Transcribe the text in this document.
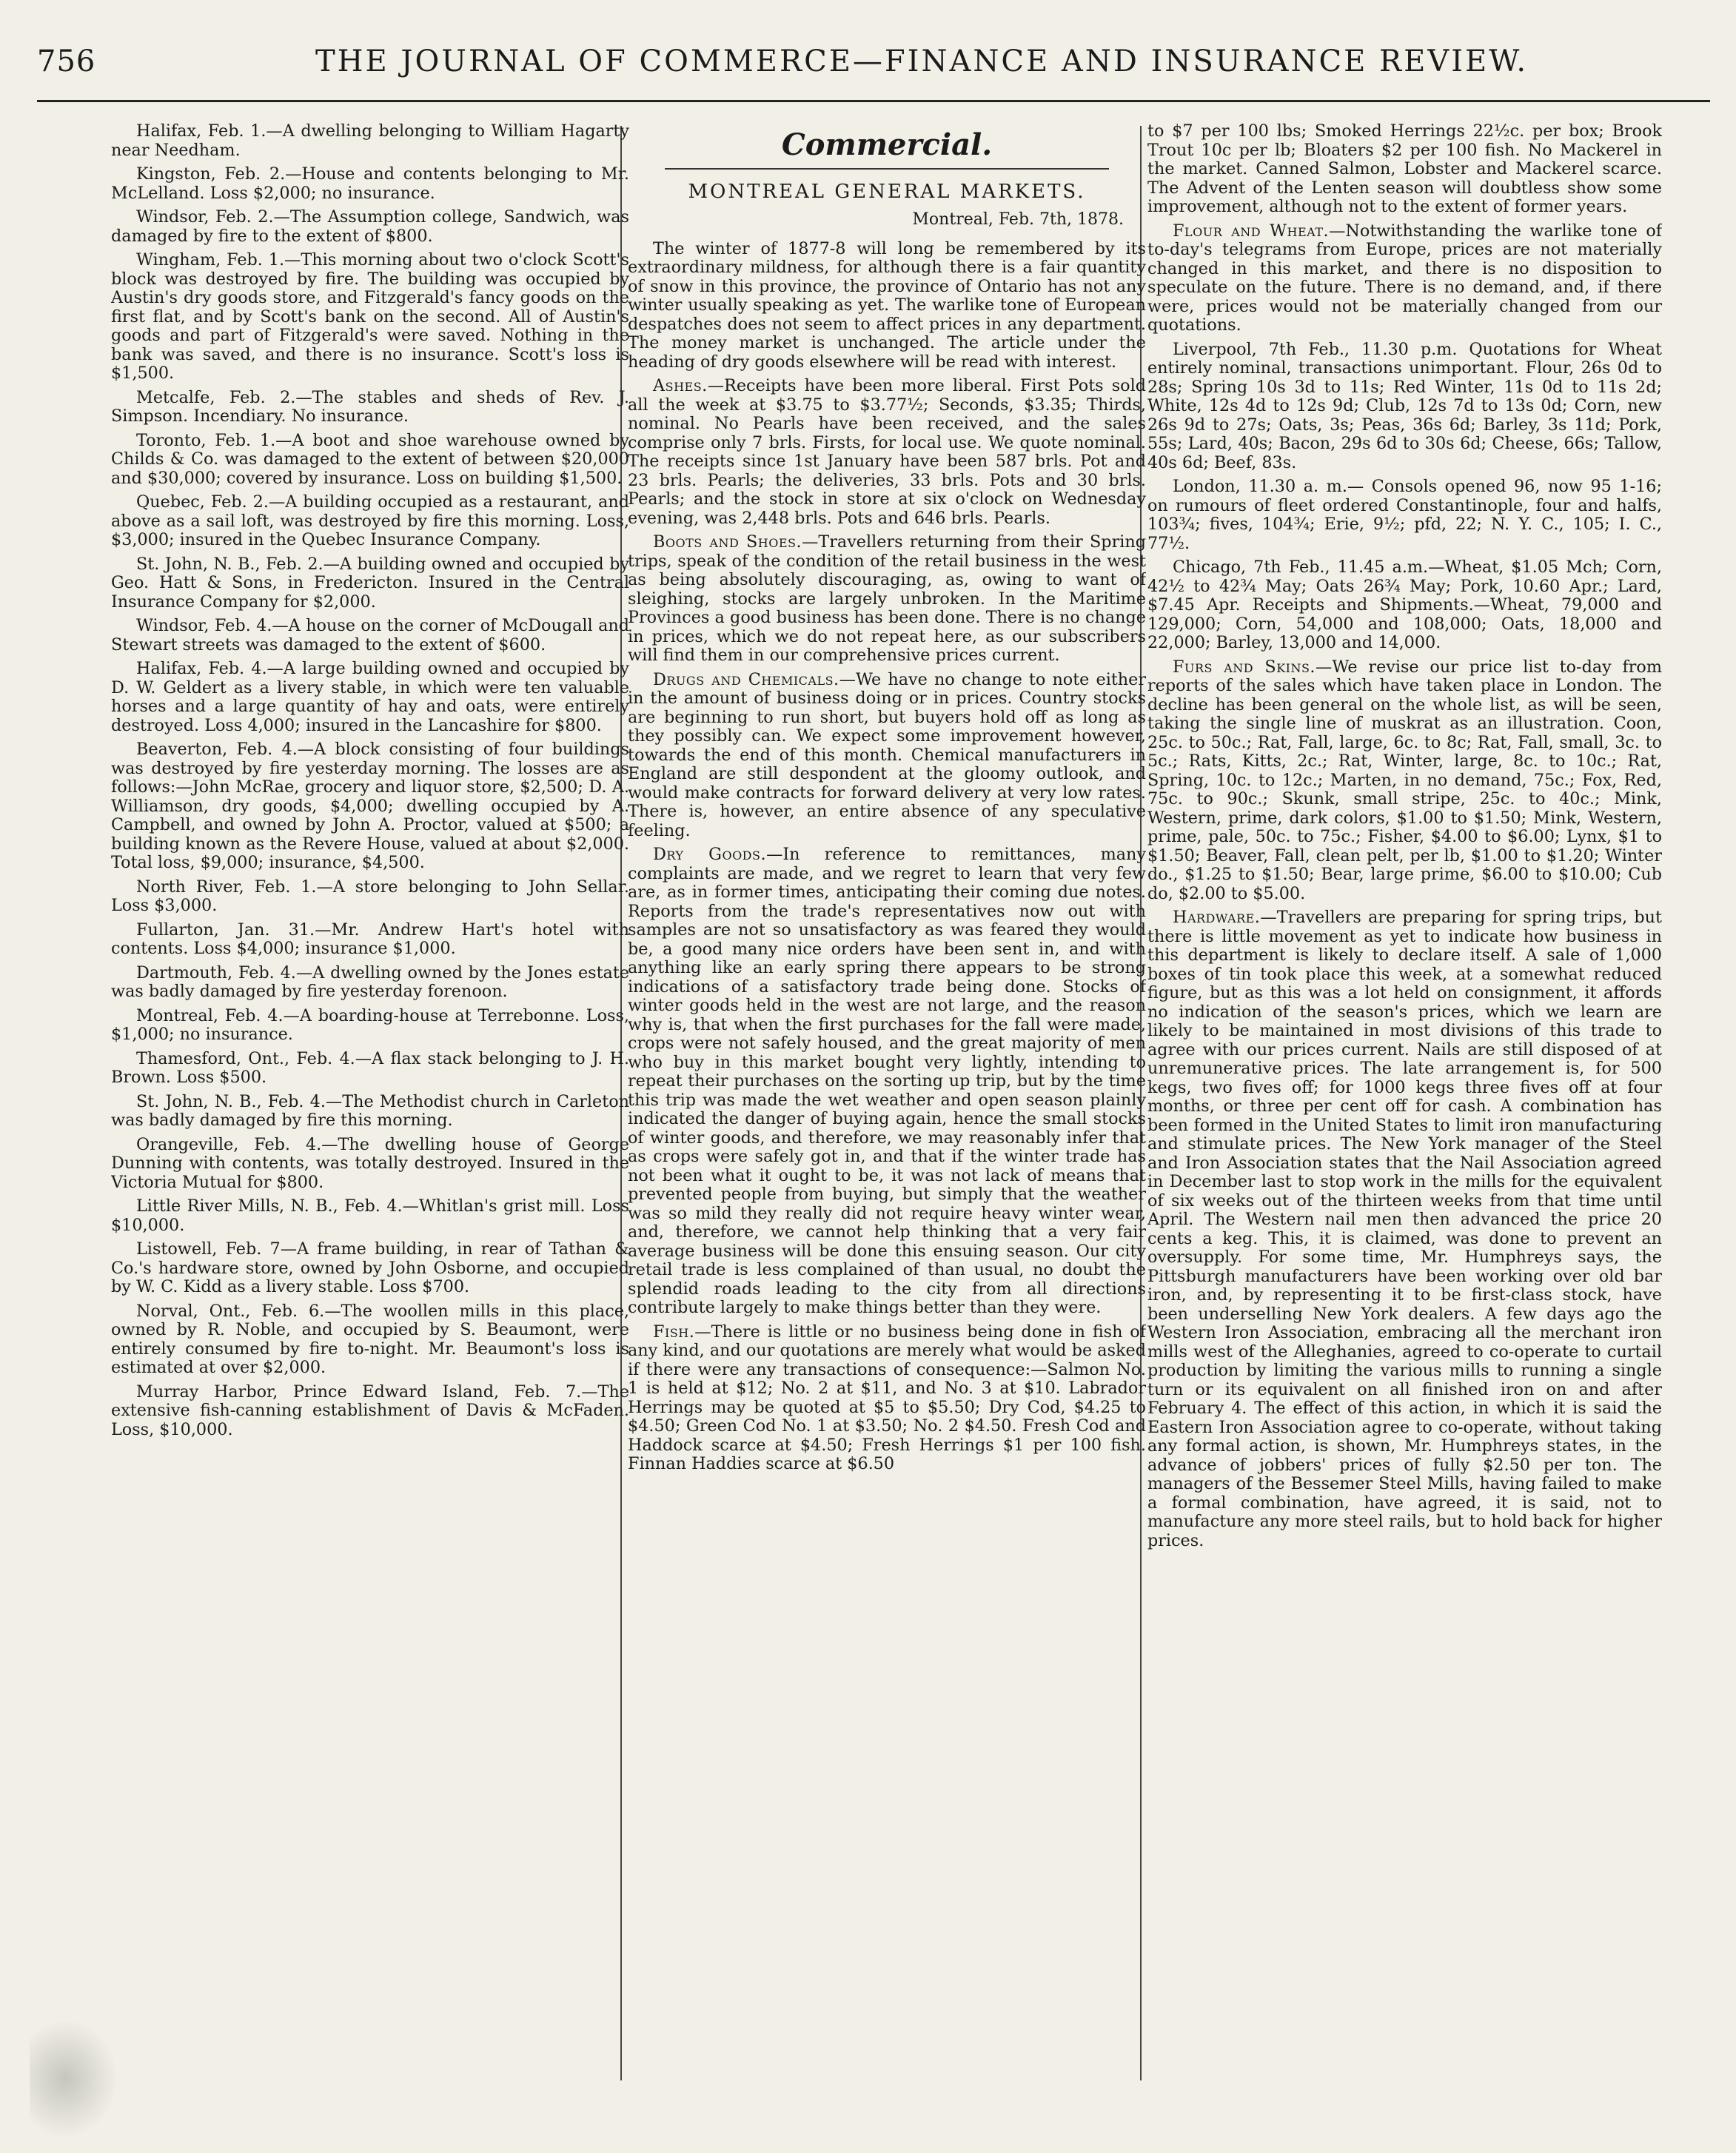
756	THE JOURNAL OF COMMERCE—FINANCE AND INSURANCE REVIEW.

Halifax, Feb. 1.—A dwelling belonging to William Hagarty near Needham.

Kingston, Feb. 2.—House and contents belonging to Mr. McLelland. Loss $2,000; no insurance.

Windsor, Feb. 2.—The Assumption college, Sandwich, was damaged by fire to the extent of $800.

Wingham, Feb. 1.—This morning about two o'clock Scott's block was destroyed by fire. The building was occupied by Austin's dry goods store, and Fitzgerald's fancy goods on the first flat, and by Scott's bank on the second. All of Austin's goods and part of Fitzgerald's were saved. Nothing in the bank was saved, and there is no insurance. Scott's loss is $1,500.

Metcalfe, Feb. 2.—The stables and sheds of Rev. J. Simpson. Incendiary. No insurance.

Toronto, Feb. 1.—A boot and shoe warehouse owned by Childs & Co. was damaged to the extent of between $20,000 and $30,000; covered by insurance. Loss on building $1,500.

Quebec, Feb. 2.—A building occupied as a restaurant, and above as a sail loft, was destroyed by fire this morning. Loss, $3,000; insured in the Quebec Insurance Company.

St. John, N. B., Feb. 2.—A building owned and occupied by Geo. Hatt & Sons, in Fredericton. Insured in the Central Insurance Company for $2,000.

Windsor, Feb. 4.—A house on the corner of McDougall and Stewart streets was damaged to the extent of $600.

Halifax, Feb. 4.—A large building owned and occupied by D. W. Geldert as a livery stable, in which were ten valuable horses and a large quantity of hay and oats, were entirely destroyed. Loss 4,000; insured in the Lancashire for $800.

Beaverton, Feb. 4.—A block consisting of four buildings was destroyed by fire yesterday morning. The losses are as follows:—John McRae, grocery and liquor store, $2,500; D. A. Williamson, dry goods, $4,000; dwelling occupied by A. Campbell, and owned by John A. Proctor, valued at $500; a building known as the Revere House, valued at about $2,000. Total loss, $9,000; insurance, $4,500.

North River, Feb. 1.—A store belonging to John Sellar. Loss $3,000.

Fullarton, Jan. 31.—Mr. Andrew Hart's hotel with contents. Loss $4,000; insurance $1,000.

Dartmouth, Feb. 4.—A dwelling owned by the Jones estate was badly damaged by fire yesterday forenoon.

Montreal, Feb. 4.—A boarding-house at Terrebonne. Loss, $1,000; no insurance.

Thamesford, Ont., Feb. 4.—A flax stack belonging to J. H. Brown. Loss $500.

St. John, N. B., Feb. 4.—The Methodist church in Carleton was badly damaged by fire this morning.

Orangeville, Feb. 4.—The dwelling house of George Dunning with contents, was totally destroyed. Insured in the Victoria Mutual for $800.

Little River Mills, N. B., Feb. 4.—Whitlan's grist mill. Loss $10,000.

Listowell, Feb. 7—A frame building, in rear of Tathan & Co.'s hardware store, owned by John Osborne, and occupied by W. C. Kidd as a livery stable. Loss $700.

Norval, Ont., Feb. 6.—The woollen mills in this place, owned by R. Noble, and occupied by S. Beaumont, were entirely consumed by fire to-night. Mr. Beaumont's loss is estimated at over $2,000.

Murray Harbor, Prince Edward Island, Feb. 7.—The extensive fish-canning establishment of Davis & McFaden. Loss, $10,000.

Commercial.
MONTREAL GENERAL MARKETS.
Montreal, Feb. 7th, 1878.

The winter of 1877-8 will long be remembered by its extraordinary mildness, for although there is a fair quantity of snow in this province, the province of Ontario has not any winter usually speaking as yet. The warlike tone of European despatches does not seem to affect prices in any department. The money market is unchanged. The article under the heading of dry goods elsewhere will be read with interest.

Ashes.—Receipts have been more liberal. First Pots sold all the week at $3.75 to $3.77½; Seconds, $3.35; Thirds, nominal. No Pearls have been received, and the sales comprise only 7 brls. Firsts, for local use. We quote nominal. The receipts since 1st January have been 587 brls. Pot and 23 brls. Pearls; the deliveries, 33 brls. Pots and 30 brls. Pearls; and the stock in store at six o'clock on Wednesday evening, was 2,448 brls. Pots and 646 brls. Pearls.

Boots and Shoes.—Travellers returning from their Spring trips, speak of the condition of the retail business in the west as being absolutely discouraging, as, owing to want of sleighing, stocks are largely unbroken. In the Maritime Provinces a good business has been done. There is no change in prices, which we do not repeat here, as our subscribers will find them in our comprehensive prices current.

Drugs and Chemicals.—We have no change to note either in the amount of business doing or in prices. Country stocks are beginning to run short, but buyers hold off as long as they possibly can. We expect some improvement however, towards the end of this month. Chemical manufacturers in England are still despondent at the gloomy outlook, and would make contracts for forward delivery at very low rates. There is, however, an entire absence of any speculative feeling.

Dry Goods.—In reference to remittances, many complaints are made, and we regret to learn that very few are, as in former times, anticipating their coming due notes. Reports from the trade's representatives now out with samples are not so unsatisfactory as was feared they would be, a good many nice orders have been sent in, and with anything like an early spring there appears to be strong indications of a satisfactory trade being done. Stocks of winter goods held in the west are not large, and the reason why is, that when the first purchases for the fall were made, crops were not safely housed, and the great majority of men who buy in this market bought very lightly, intending to repeat their purchases on the sorting up trip, but by the time this trip was made the wet weather and open season plainly indicated the danger of buying again, hence the small stocks of winter goods, and therefore, we may reasonably infer that as crops were safely got in, and that if the winter trade has not been what it ought to be, it was not lack of means that prevented people from buying, but simply that the weather was so mild they really did not require heavy winter wear, and, therefore, we cannot help thinking that a very fair average business will be done this ensuing season. Our city retail trade is less complained of than usual, no doubt the splendid roads leading to the city from all directions contribute largely to make things better than they were.

Fish.—There is little or no business being done in fish of any kind, and our quotations are merely what would be asked if there were any transactions of consequence:—Salmon No. 1 is held at $12; No. 2 at $11, and No. 3 at $10. Labrador Herrings may be quoted at $5 to $5.50; Dry Cod, $4.25 to $4.50; Green Cod No. 1 at $3.50; No. 2 $4.50. Fresh Cod and Haddock scarce at $4.50; Fresh Herrings $1 per 100 fish. Finnan Haddies scarce at $6.50

to $7 per 100 lbs; Smoked Herrings 22½c. per box; Brook Trout 10c per lb; Bloaters $2 per 100 fish. No Mackerel in the market. Canned Salmon, Lobster and Mackerel scarce. The Advent of the Lenten season will doubtless show some improvement, although not to the extent of former years.

Flour and Wheat.—Notwithstanding the warlike tone of to-day's telegrams from Europe, prices are not materially changed in this market, and there is no disposition to speculate on the future. There is no demand, and, if there were, prices would not be materially changed from our quotations.

Liverpool, 7th Feb., 11.30 p.m. Quotations for Wheat entirely nominal, transactions unimportant. Flour, 26s 0d to 28s; Spring 10s 3d to 11s; Red Winter, 11s 0d to 11s 2d; White, 12s 4d to 12s 9d; Club, 12s 7d to 13s 0d; Corn, new 26s 9d to 27s; Oats, 3s; Peas, 36s 6d; Barley, 3s 11d; Pork, 55s; Lard, 40s; Bacon, 29s 6d to 30s 6d; Cheese, 66s; Tallow, 40s 6d; Beef, 83s.

London, 11.30 a. m.— Consols opened 96, now 95 1-16; on rumours of fleet ordered Constantinople, four and halfs, 103¾; fives, 104¾; Erie, 9½; pfd, 22; N. Y. C., 105; I. C., 77½.

Chicago, 7th Feb., 11.45 a.m.—Wheat, $1.05 Mch; Corn, 42½ to 42¾ May; Oats 26¾ May; Pork, 10.60 Apr.; Lard, $7.45 Apr. Receipts and Shipments.—Wheat, 79,000 and 129,000; Corn, 54,000 and 108,000; Oats, 18,000 and 22,000; Barley, 13,000 and 14,000.

Furs and Skins.—We revise our price list to-day from reports of the sales which have taken place in London. The decline has been general on the whole list, as will be seen, taking the single line of muskrat as an illustration. Coon, 25c. to 50c.; Rat, Fall, large, 6c. to 8c; Rat, Fall, small, 3c. to 5c.; Rats, Kitts, 2c.; Rat, Winter, large, 8c. to 10c.; Rat, Spring, 10c. to 12c.; Marten, in no demand, 75c.; Fox, Red, 75c. to 90c.; Skunk, small stripe, 25c. to 40c.; Mink, Western, prime, dark colors, $1.00 to $1.50; Mink, Western, prime, pale, 50c. to 75c.; Fisher, $4.00 to $6.00; Lynx, $1 to $1.50; Beaver, Fall, clean pelt, per lb, $1.00 to $1.20; Winter do., $1.25 to $1.50; Bear, large prime, $6.00 to $10.00; Cub do, $2.00 to $5.00.

Hardware.—Travellers are preparing for spring trips, but there is little movement as yet to indicate how business in this department is likely to declare itself. A sale of 1,000 boxes of tin took place this week, at a somewhat reduced figure, but as this was a lot held on consignment, it affords no indication of the season's prices, which we learn are likely to be maintained in most divisions of this trade to agree with our prices current. Nails are still disposed of at unremunerative prices. The late arrangement is, for 500 kegs, two fives off; for 1000 kegs three fives off at four months, or three per cent off for cash. A combination has been formed in the United States to limit iron manufacturing and stimulate prices. The New York manager of the Steel and Iron Association states that the Nail Association agreed in December last to stop work in the mills for the equivalent of six weeks out of the thirteen weeks from that time until April. The Western nail men then advanced the price 20 cents a keg. This, it is claimed, was done to prevent an oversupply. For some time, Mr. Humphreys says, the Pittsburgh manufacturers have been working over old bar iron, and, by representing it to be first-class stock, have been underselling New York dealers. A few days ago the Western Iron Association, embracing all the merchant iron mills west of the Alleghanies, agreed to co-operate to curtail production by limiting the various mills to running a single turn or its equivalent on all finished iron on and after February 4. The effect of this action, in which it is said the Eastern Iron Association agree to co-operate, without taking any formal action, is shown, Mr. Humphreys states, in the advance of jobbers' prices of fully $2.50 per ton. The managers of the Bessemer Steel Mills, having failed to make a formal combination, have agreed, it is said, not to manufacture any more steel rails, but to hold back for higher prices.
